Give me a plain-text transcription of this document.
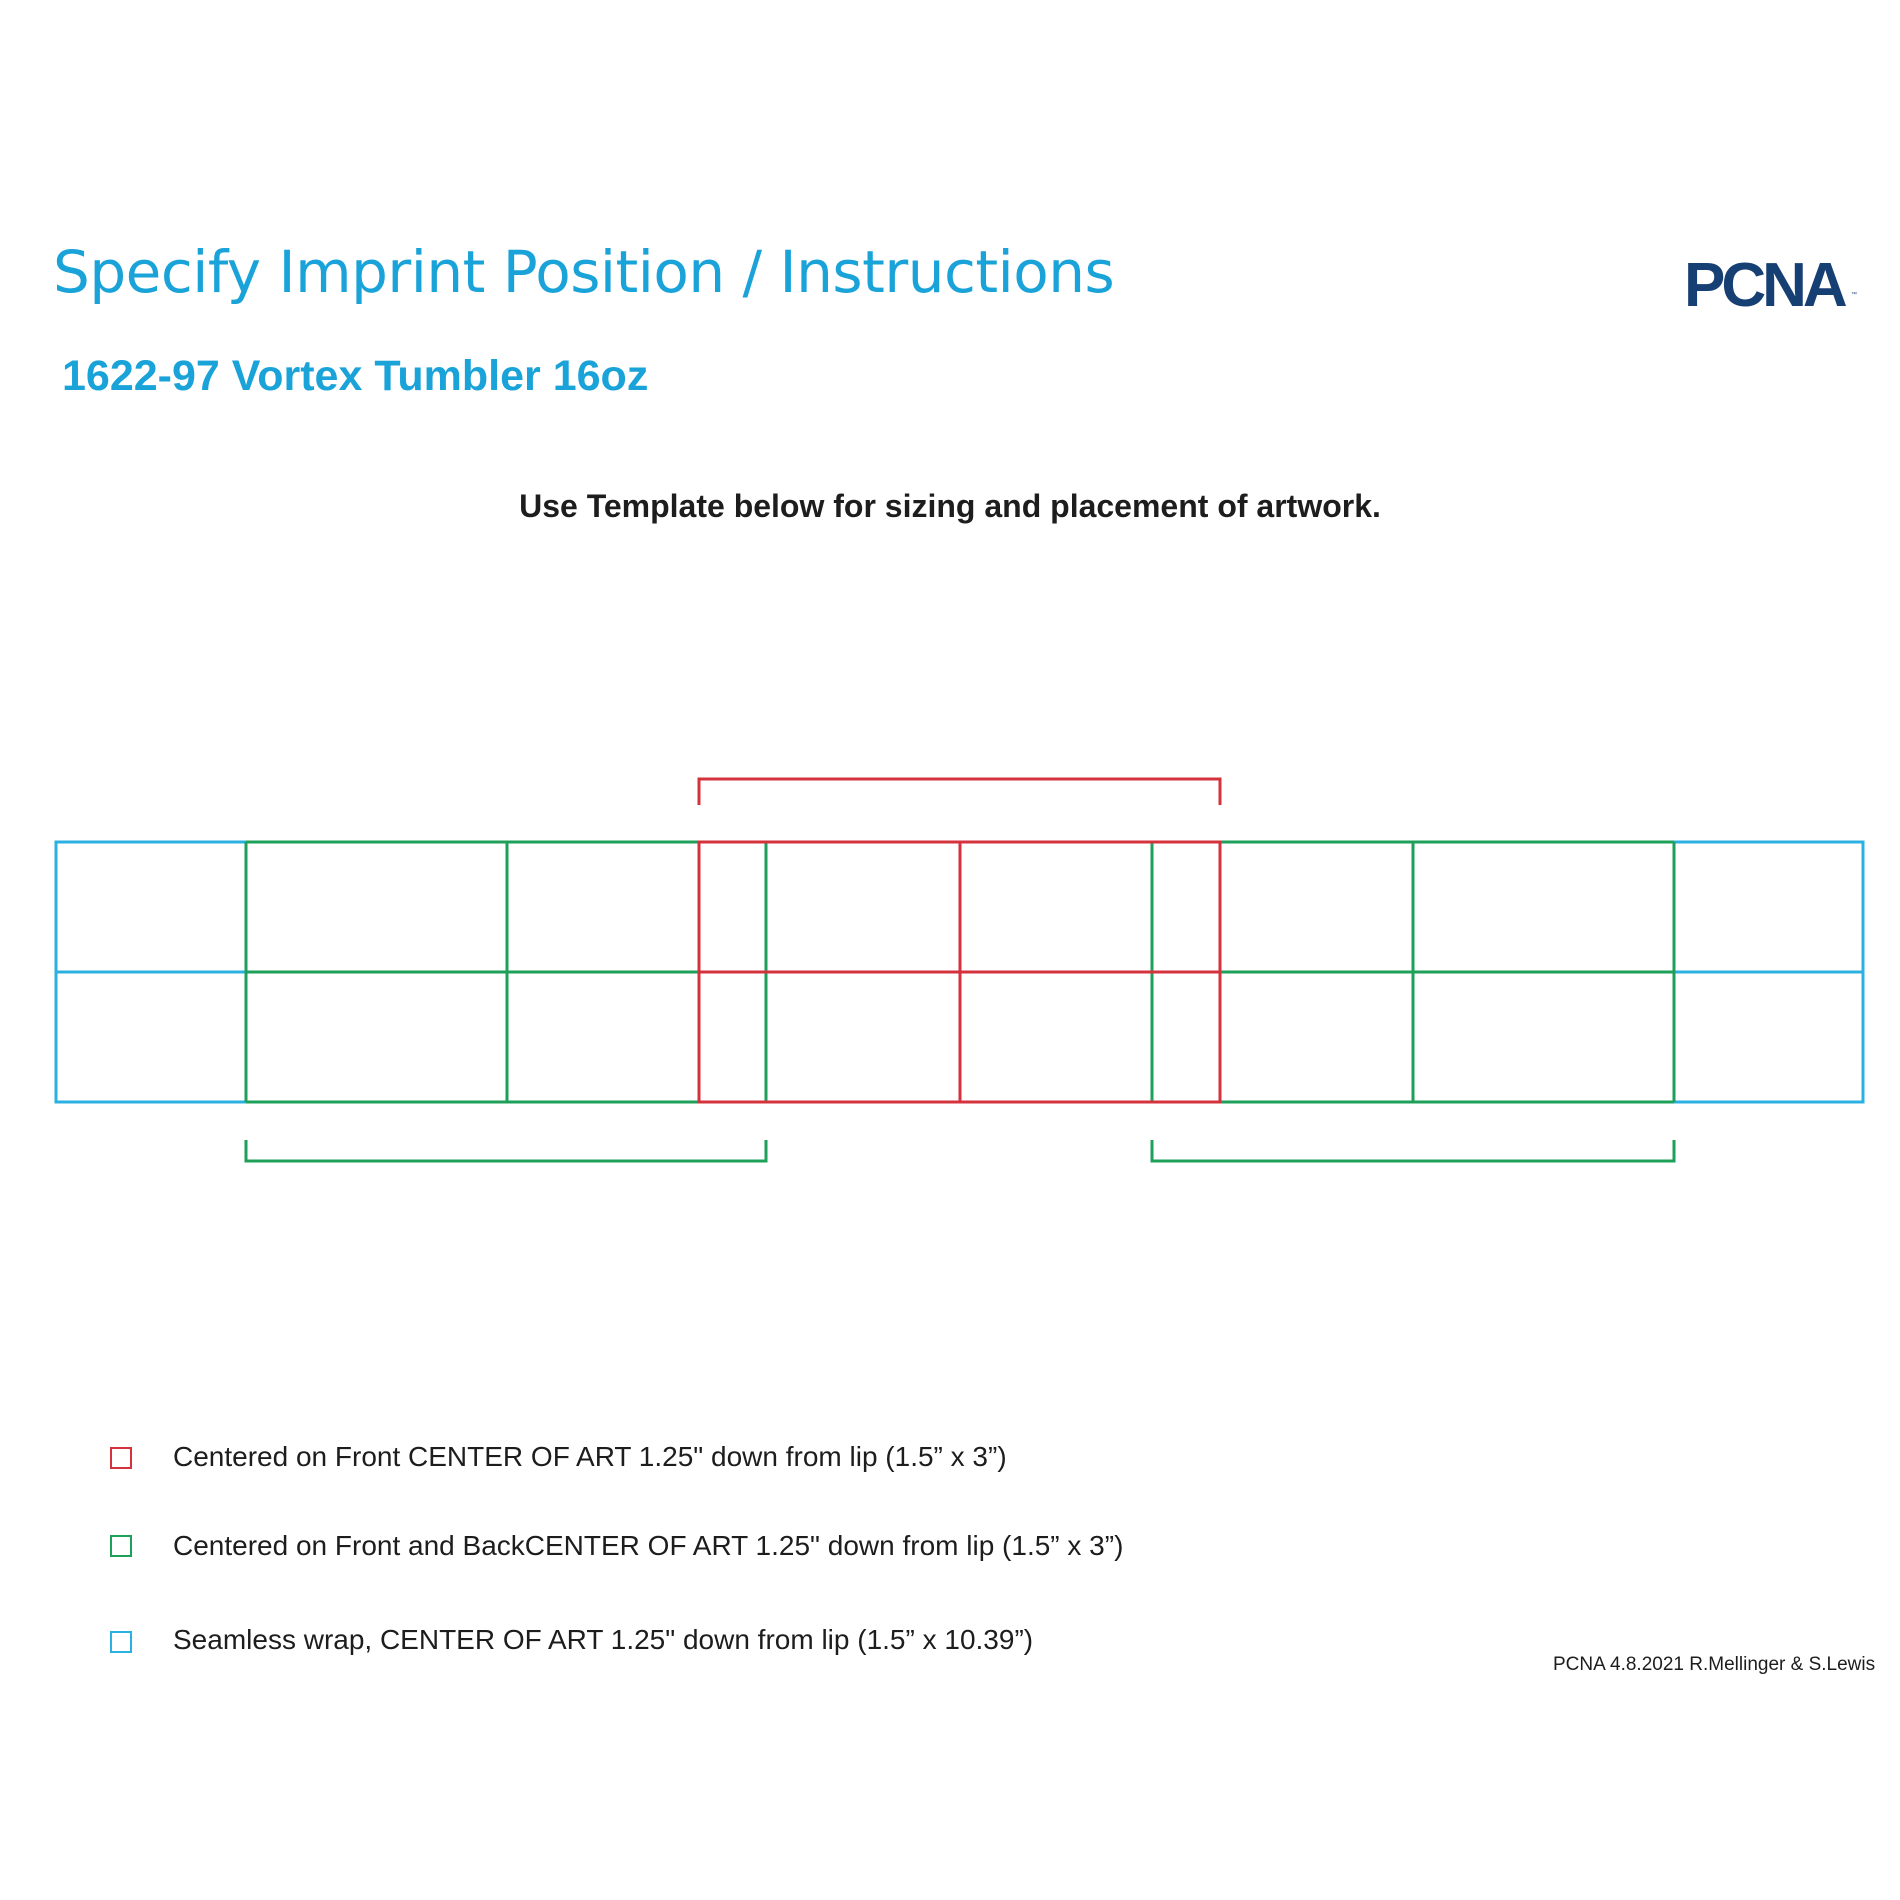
Specify Imprint Position / Instructions
1622-97 Vortex Tumbler 16oz
PCNA ™
Use Template below for sizing and placement of artwork.
Centered on Front CENTER OF ART 1.25" down from lip (1.5” x 3”)
Centered on Front and BackCENTER OF ART 1.25" down from lip (1.5” x 3”)
Seamless wrap, CENTER OF ART 1.25" down from lip (1.5” x 10.39”)
PCNA 4.8.2021 R.Mellinger & S.Lewis
